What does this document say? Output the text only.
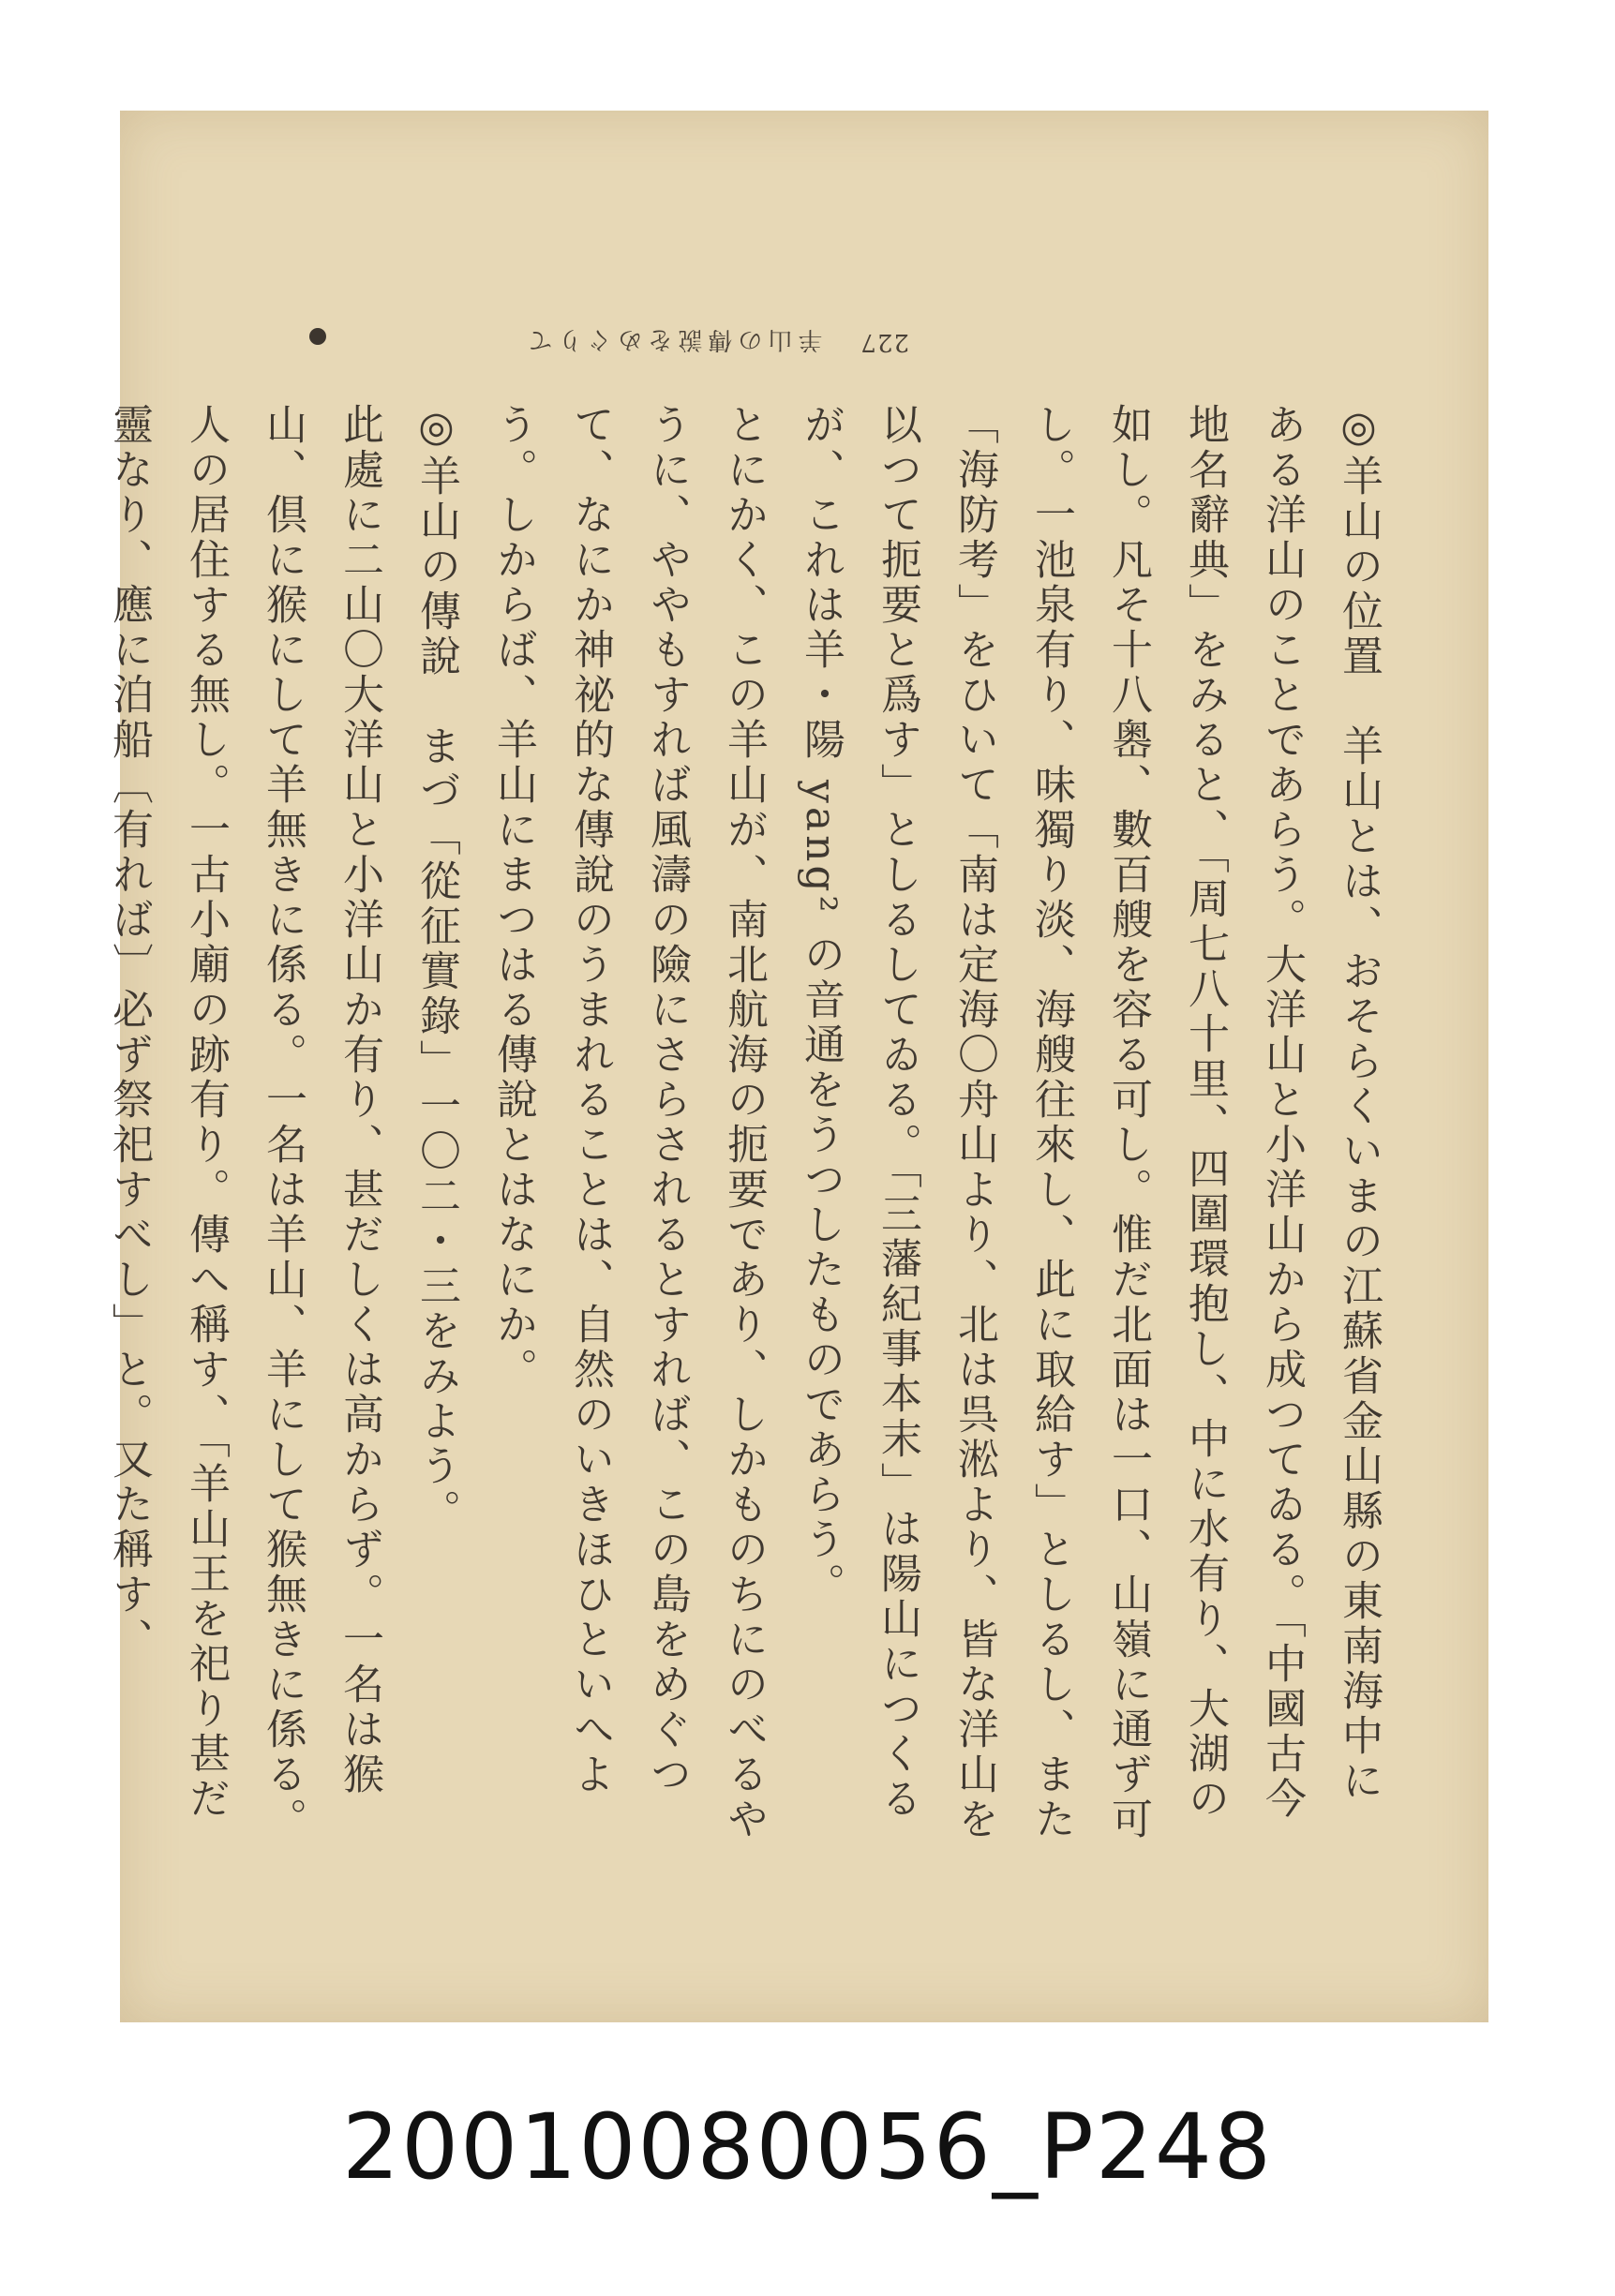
227
羊山の傳說をめぐりて

◎羊山の位置　羊山とは、おそらくいまの江蘇省金山縣の東南海中にある洋山のことであらう。大洋山と小洋山から成つてゐる。「中國古今地名辭典」をみると、「周七八十里、四圍環抱し、中に水有り、大湖の如し。凡そ十八嶴、數百艘を容る可し。惟だ北面は一口、山嶺に通ず可し。一池泉有り、味獨り淡、海艘往來し、此に取給す」としるし、また「海防考」をひいて「南は定海〇舟山より、北は呉淞より、皆な洋山を以つて扼要と爲す」としるしてゐる。「三藩紀事本末」は陽山につくるが、これは羊・陽 yang² の音通をうつしたものであらう。

とにかく、この羊山が、南北航海の扼要であり、しかものちにのべるやうに、ややもすれば風濤の險にさらされるとすれば、この島をめぐつて、なにか神祕的な傳說のうまれることは、自然のいきほひといへよう。しからば、羊山にまつはる傳說とはなにか。

◎羊山の傳說　まづ「從征實錄」一〇二・三をみよう。

此處に二山〇大洋山と小洋山か有り、甚だしくは高からず。一名は猴山、倶に猴にして羊無きに係る。一名は羊山、羊にして猴無きに係る。人の居住する無し。一古小廟の跡有り。傳へ稱す、「羊山王を祀り甚だ靈なり、應に泊船〔有れば〕必ず祭祀すべし」と。又た稱す、

20010080056_P248
